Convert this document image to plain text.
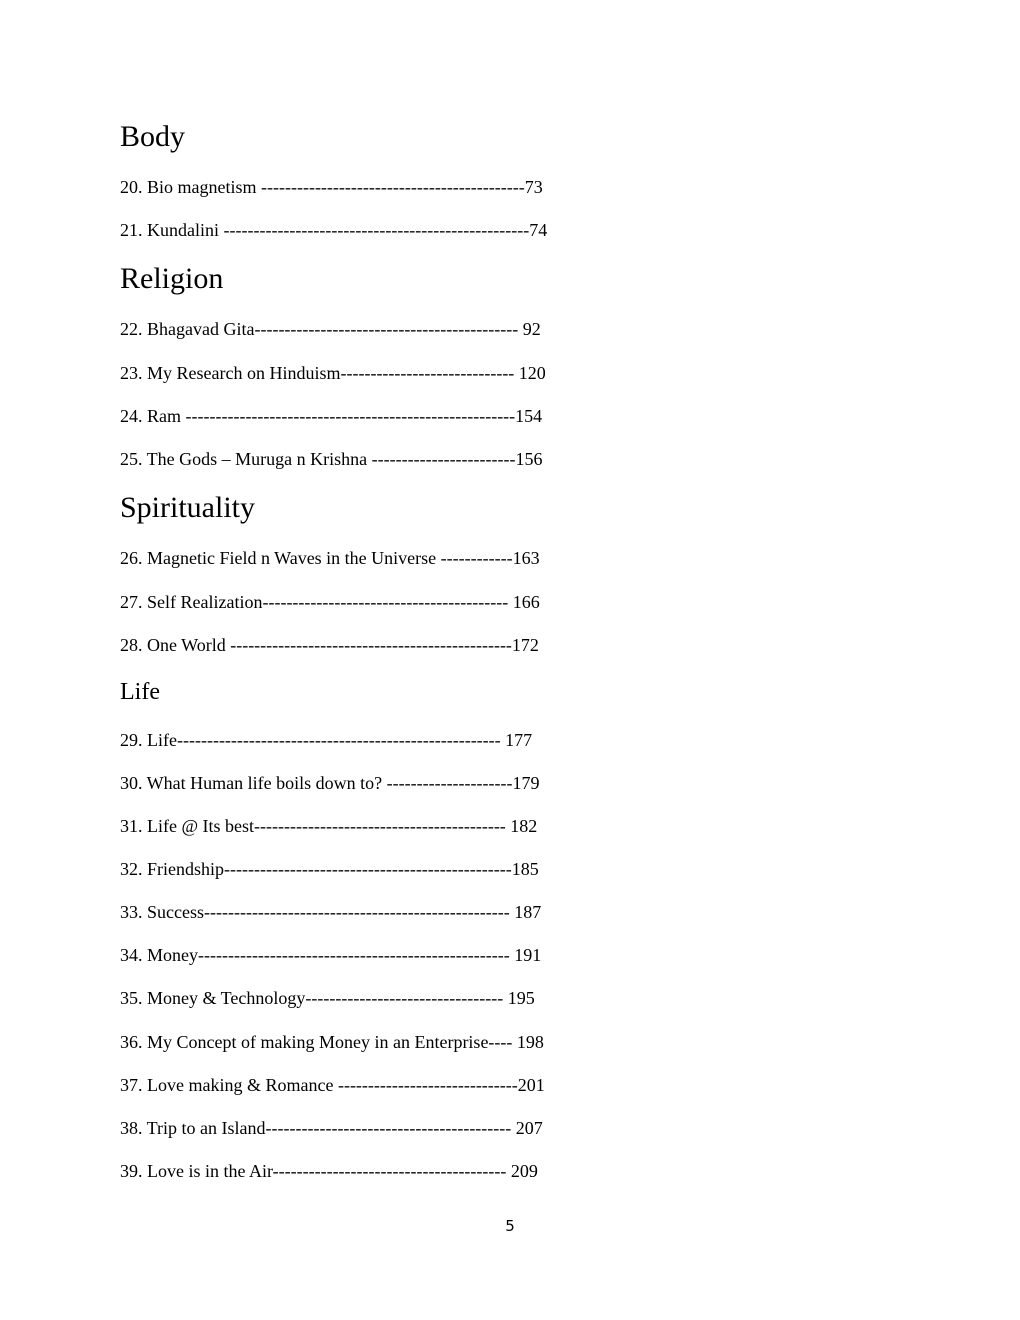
Body
20. Bio magnetism --------------------------------------------73
21. Kundalini ---------------------------------------------------74
Religion
22. Bhagavad Gita-------------------------------------------- 92
23. My Research on Hinduism----------------------------- 120
24. Ram -------------------------------------------------------154
25. The Gods – Muruga n Krishna ------------------------156
Spirituality
26. Magnetic Field n Waves in the Universe ------------163
27. Self Realization----------------------------------------- 166
28. One World -----------------------------------------------172
Life
29. Life------------------------------------------------------ 177
30. What Human life boils down to? ---------------------179
31. Life @ Its best------------------------------------------ 182
32. Friendship------------------------------------------------185
33. Success--------------------------------------------------- 187
34. Money---------------------------------------------------- 191
35. Money & Technology--------------------------------- 195
36. My Concept of making Money in an Enterprise---- 198
37. Love making & Romance ------------------------------201
38. Trip to an Island----------------------------------------- 207
39. Love is in the Air--------------------------------------- 209
5
